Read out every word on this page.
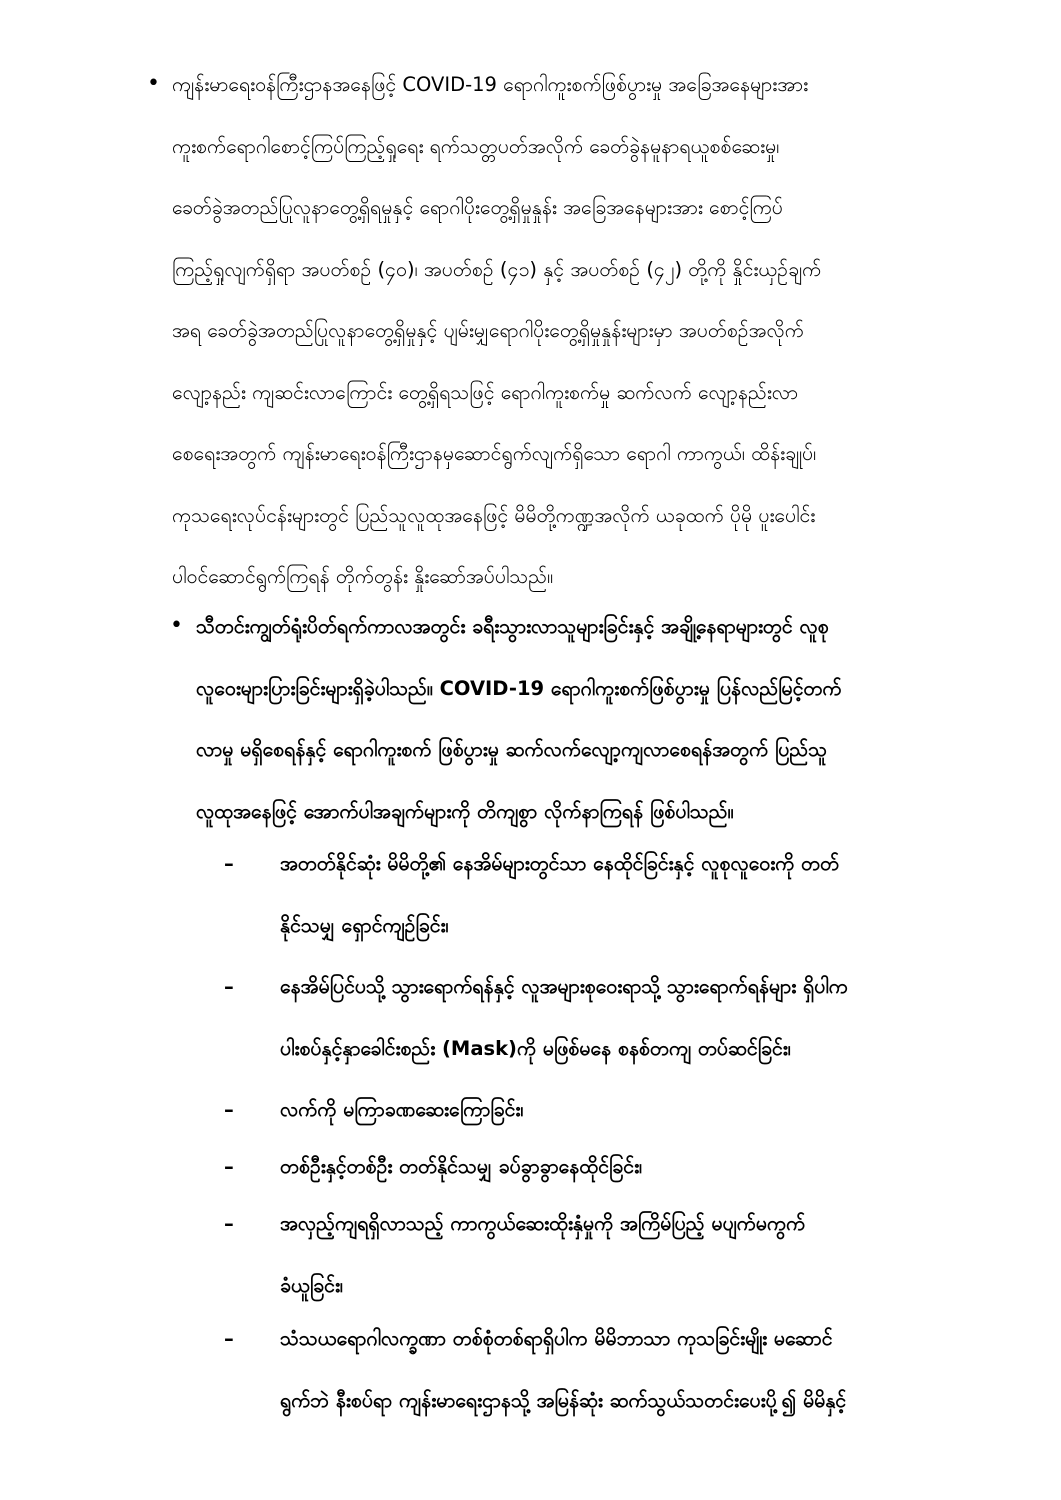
• ကျန်းမာရေးဝန်ကြီးဌာနအနေဖြင့် COVID-19 ရောဂါကူးစက်ဖြစ်ပွားမှု အခြေအနေများအား
ကူးစက်ရောဂါစောင့်ကြပ်ကြည့်ရှုရေး ရက်သတ္တပတ်အလိုက် ခေတ်ခွဲနမူနာရယူစစ်ဆေးမှု၊
ခေတ်ခွဲအတည်ပြုလူနာတွေ့ရှိရမှုနှင့် ရောဂါပိုးတွေ့ရှိမှုနှုန်း အခြေအနေများအား စောင့်ကြပ်
ကြည့်ရှုလျက်ရှိရာ အပတ်စဉ် (၄၀)၊ အပတ်စဉ် (၄၁) နှင့် အပတ်စဉ် (၄၂) တို့ကို နှိုင်းယှဉ်ချက်
အရ ခေတ်ခွဲအတည်ပြုလူနာတွေ့ရှိမှုနှင့် ပျမ်းမျှရောဂါပိုးတွေ့ရှိမှုနှုန်းများမှာ အပတ်စဉ်အလိုက်
လျော့နည်း ကျဆင်းလာကြောင်း တွေ့ရှိရသဖြင့် ရောဂါကူးစက်မှု ဆက်လက် လျော့နည်းလာ
စေရေးအတွက် ကျန်းမာရေးဝန်ကြီးဌာနမှဆောင်ရွက်လျက်ရှိသော ရောဂါ ကာကွယ်၊ ထိန်းချုပ်၊
ကုသရေးလုပ်ငန်းများတွင် ပြည်သူလူထုအနေဖြင့် မိမိတို့ကဏ္ဍအလိုက် ယခုထက် ပိုမို ပူးပေါင်း
ပါဝင်ဆောင်ရွက်ကြရန် တိုက်တွန်း နှိုးဆော်အပ်ပါသည်။
• သီတင်းကျွတ်ရုံးပိတ်ရက်ကာလအတွင်း ခရီးသွားလာသူများခြင်းနှင့် အချို့နေရာများတွင် လူစု
လူဝေးများပြားခြင်းများရှိခဲ့ပါသည်။ COVID-19 ရောဂါကူးစက်ဖြစ်ပွားမှု ပြန်လည်မြင့်တက်
လာမှု မရှိစေရန်နှင့် ရောဂါကူးစက် ဖြစ်ပွားမှု ဆက်လက်လျော့ကျလာစေရန်အတွက် ပြည်သူ
လူထုအနေဖြင့် အောက်ပါအချက်များကို တိကျစွာ လိုက်နာကြရန် ဖြစ်ပါသည်။
–	အတတ်နိုင်ဆုံး မိမိတို့၏ နေအိမ်များတွင်သာ နေထိုင်ခြင်းနှင့် လူစုလူဝေးကို တတ်
နိုင်သမျှ ရှောင်ကျဉ်ခြင်း၊
–	နေအိမ်ပြင်ပသို့ သွားရောက်ရန်နှင့် လူအများစုဝေးရာသို့ သွားရောက်ရန်များ ရှိပါက
ပါးစပ်နှင့်နှာခေါင်းစည်း (Mask)ကို မဖြစ်မနေ စနစ်တကျ တပ်ဆင်ခြင်း၊
–	လက်ကို မကြာခဏဆေးကြောခြင်း၊
–	တစ်ဦးနှင့်တစ်ဦး တတ်နိုင်သမျှ ခပ်ခွာခွာနေထိုင်ခြင်း၊
–	အလှည့်ကျရရှိလာသည့် ကာကွယ်ဆေးထိုးနှံမှုကို အကြိမ်ပြည့် မပျက်မကွက်
ခံယူခြင်း၊
–	သံသယရောဂါလက္ခဏာ တစ်စုံတစ်ရာရှိပါက မိမိဘာသာ ကုသခြင်းမျိုး မဆောင်
ရွက်ဘဲ နီးစပ်ရာ ကျန်းမာရေးဌာနသို့ အမြန်ဆုံး ဆက်သွယ်သတင်းပေးပို့၍ မိမိနှင့်
